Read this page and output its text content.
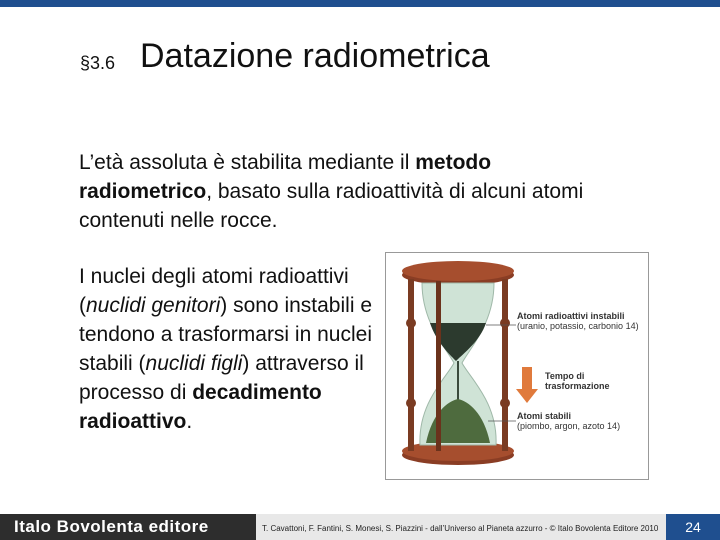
§3.6 Datazione radiometrica
L’età assoluta è stabilita mediante il metodo radiometrico, basato sulla radioattività di alcuni atomi contenuti nelle rocce.
I nuclei degli atomi radioattivi (nuclidi genitori) sono instabili e tendono a trasformarsi in nuclei stabili (nuclidi figli) attraverso il processo di decadimento radioattivo.
Atomi radioattivi instabili
(uranio, potassio, carbonio 14)
Tempo di
trasformazione
Atomi stabili
(piombo, argon, azoto 14)
Italo Bovolenta editore	T. Cavattoni, F. Fantini, S. Monesi, S. Piazzini - dall’Universo al Pianeta azzurro - © Italo Bovolenta Editore 2010	24
